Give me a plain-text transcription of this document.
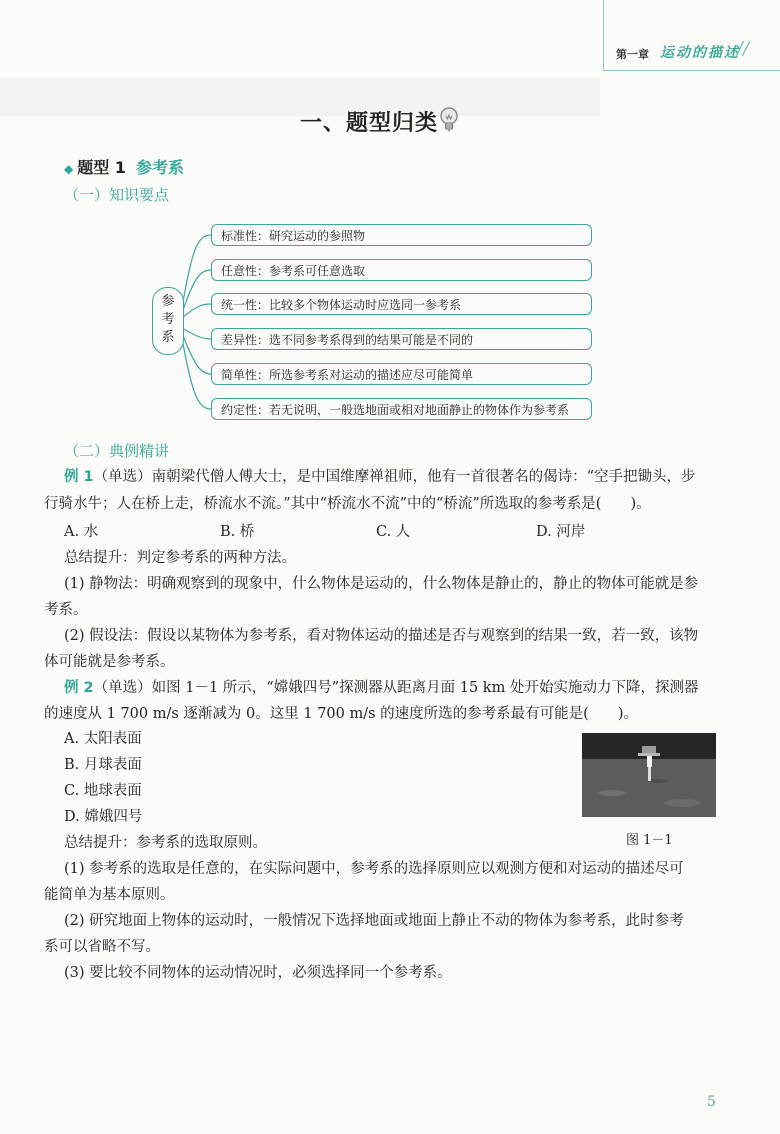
第一章 运动的描述
//
一、题型归类
◆ 题型 1 参考系
（一）知识要点
参考系
标准性：研究运动的参照物
任意性：参考系可任意选取
统一性：比较多个物体运动时应选同一参考系
差异性：选不同参考系得到的结果可能是不同的
简单性：所选参考系对运动的描述应尽可能简单
约定性：若无说明，一般选地面或相对地面静止的物体作为参考系
（二）典例精讲
例 1（单选）南朝梁代僧人傅大士，是中国维摩禅祖师，他有一首很著名的偈诗：“空手把锄头，步
行骑水牛；人在桥上走，桥流水不流。”其中“桥流水不流”中的“桥流”所选取的参考系是(　　)。
A. 水	B. 桥	C. 人	D. 河岸
总结提升：判定参考系的两种方法。
(1) 静物法：明确观察到的现象中，什么物体是运动的，什么物体是静止的，静止的物体可能就是参
考系。
(2) 假设法：假设以某物体为参考系，看对物体运动的描述是否与观察到的结果一致，若一致，该物
体可能就是参考系。
例 2（单选）如图 1－1 所示，“嫦娥四号”探测器从距离月面 15 km 处开始实施动力下降，探测器
的速度从 1 700 m/s 逐渐减为 0。这里 1 700 m/s 的速度所选的参考系最有可能是(　　)。
A. 太阳表面
B. 月球表面
C. 地球表面
D. 嫦娥四号
图 1－1
总结提升：参考系的选取原则。
(1) 参考系的选取是任意的，在实际问题中，参考系的选择原则应以观测方便和对运动的描述尽可
能简单为基本原则。
(2) 研究地面上物体的运动时，一般情况下选择地面或地面上静止不动的物体为参考系，此时参考
系可以省略不写。
(3) 要比较不同物体的运动情况时，必须选择同一个参考系。
5
